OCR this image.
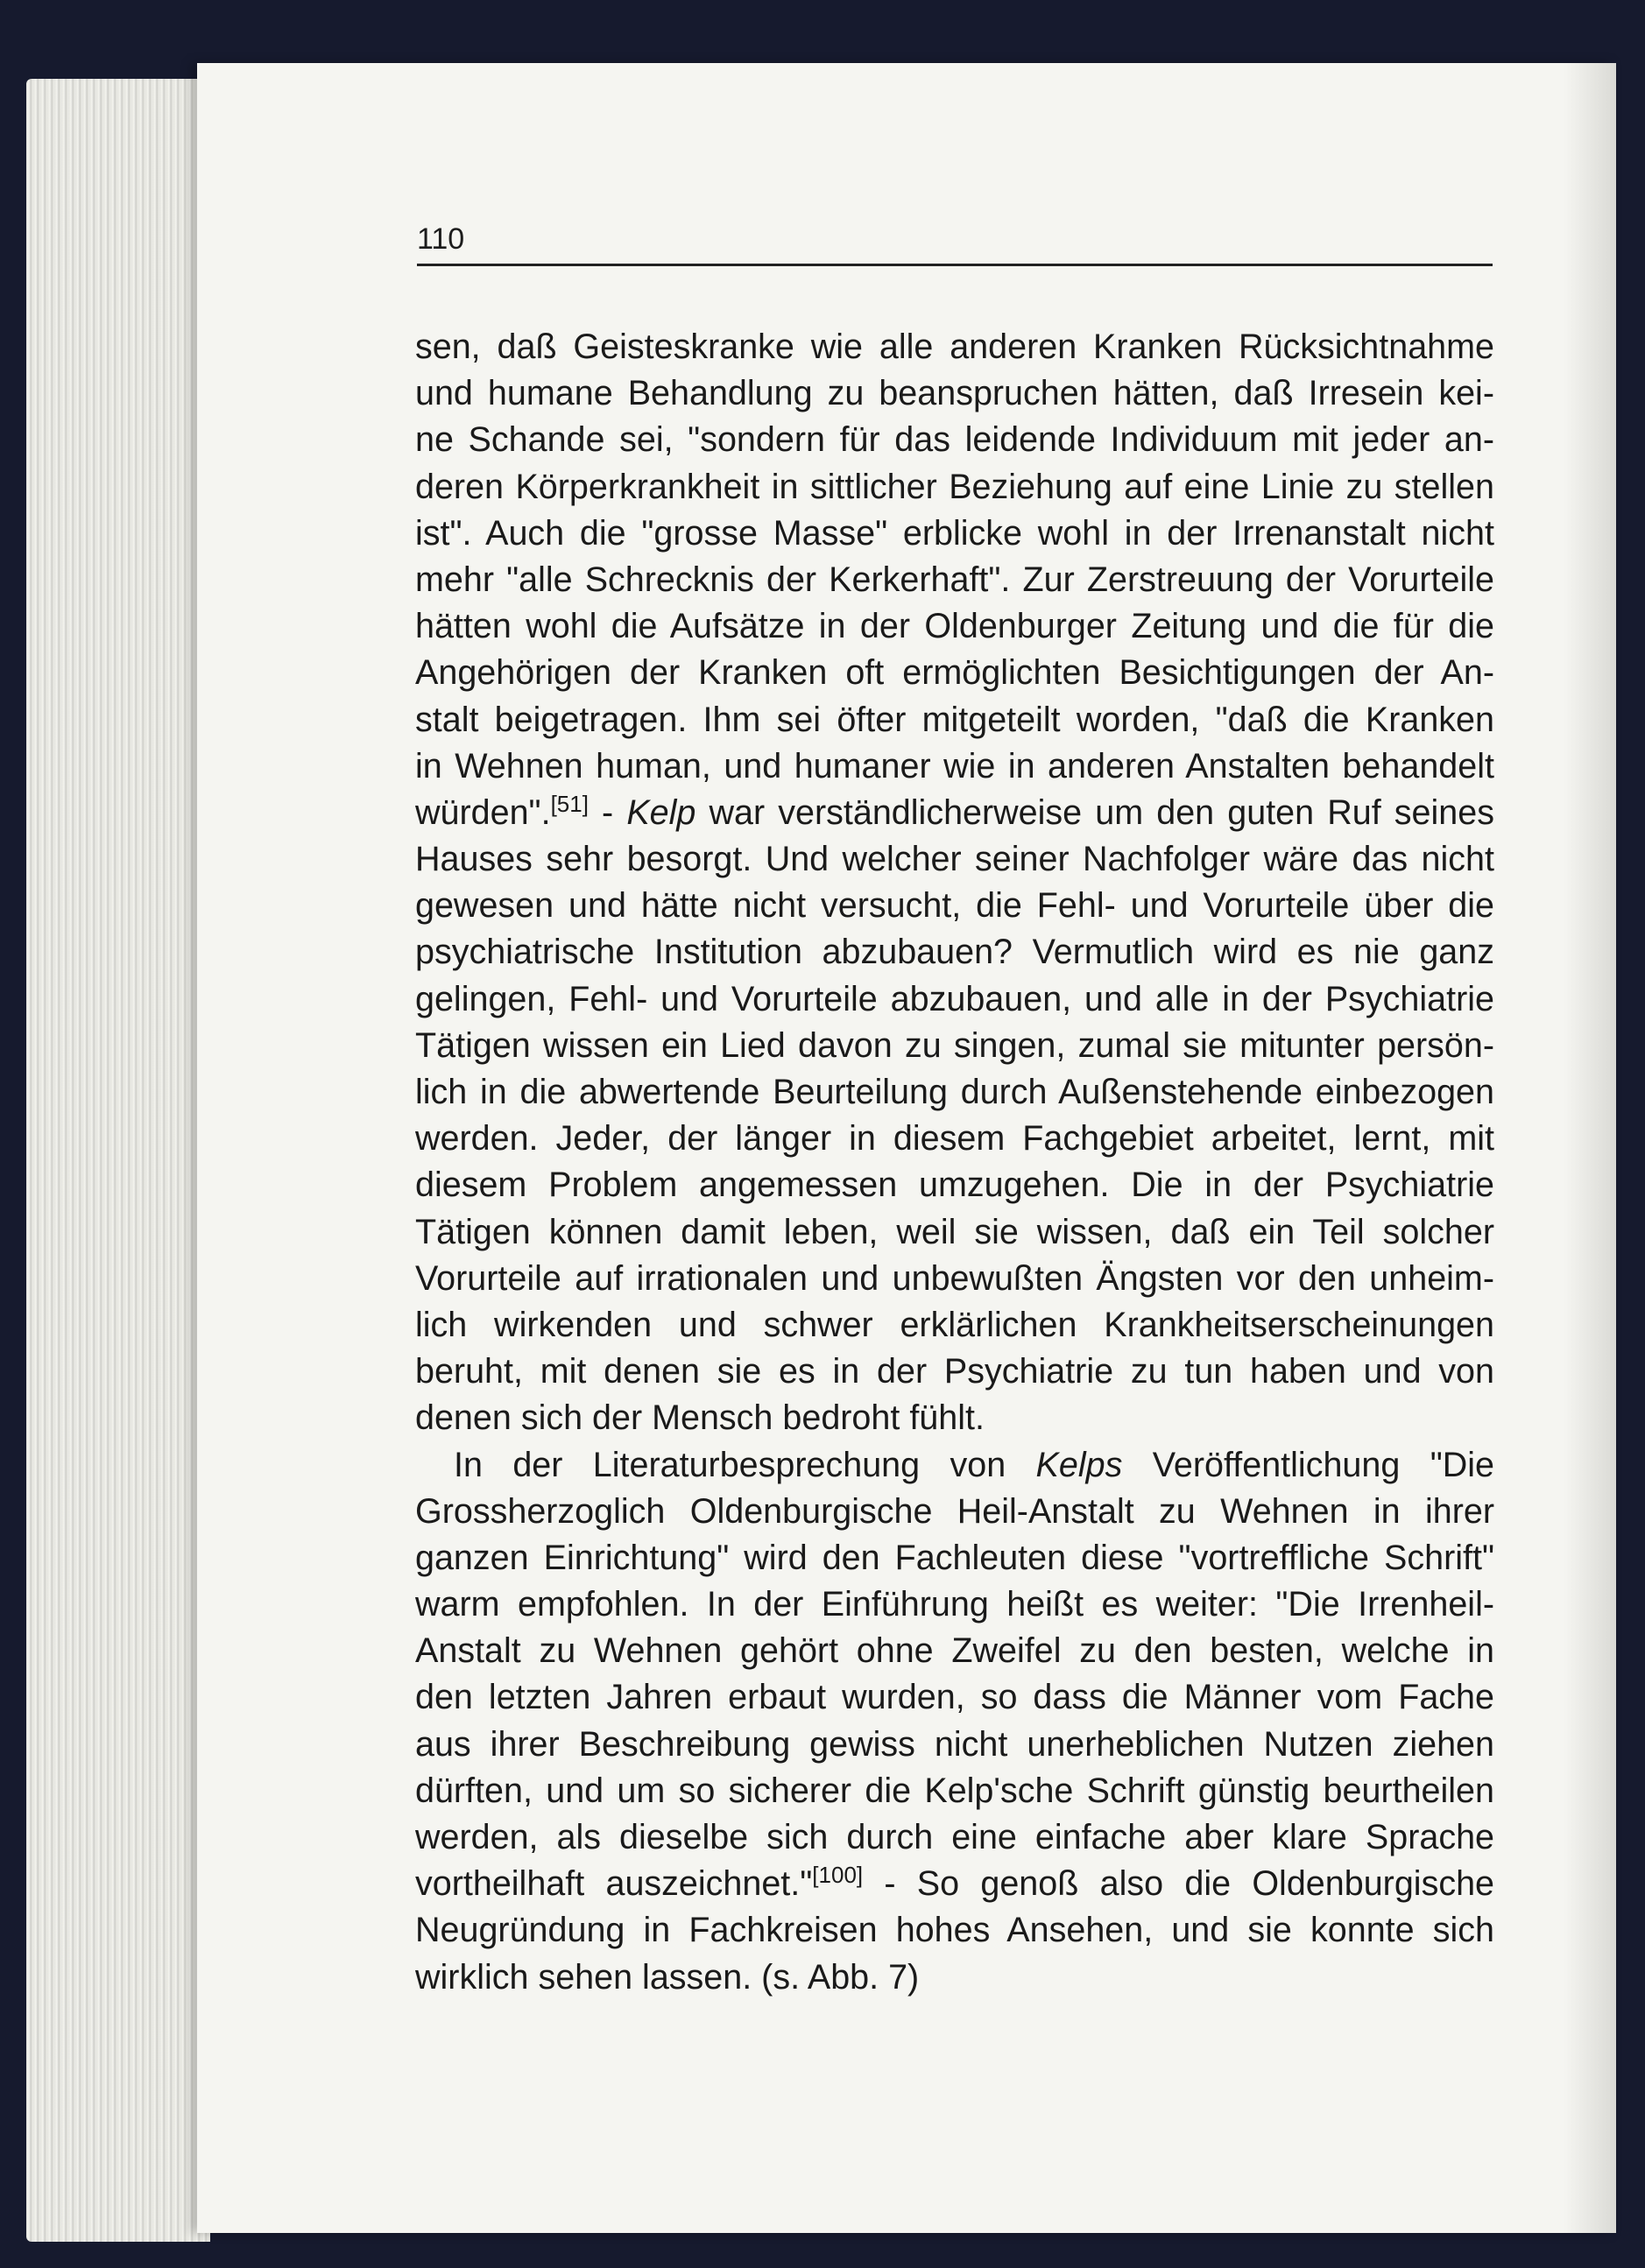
110
sen, daß Geisteskranke wie alle anderen Kranken Rücksichtnahme
und humane Behandlung zu beanspruchen hätten, daß Irresein kei-
ne Schande sei, "sondern für das leidende Individuum mit jeder an-
deren Körperkrankheit in sittlicher Beziehung auf eine Linie zu stellen
ist". Auch die "grosse Masse" erblicke wohl in der Irrenanstalt nicht
mehr "alle Schrecknis der Kerkerhaft". Zur Zerstreuung der Vorurteile
hätten wohl die Aufsätze in der Oldenburger Zeitung und die für die
Angehörigen der Kranken oft ermöglichten Besichtigungen der An-
stalt beigetragen. Ihm sei öfter mitgeteilt worden, "daß die Kranken
in Wehnen human, und humaner wie in anderen Anstalten behandelt
würden".[51] - Kelp war verständlicherweise um den guten Ruf seines
Hauses sehr besorgt. Und welcher seiner Nachfolger wäre das nicht
gewesen und hätte nicht versucht, die Fehl- und Vorurteile über die
psychiatrische Institution abzubauen? Vermutlich wird es nie ganz
gelingen, Fehl- und Vorurteile abzubauen, und alle in der Psychiatrie
Tätigen wissen ein Lied davon zu singen, zumal sie mitunter persön-
lich in die abwertende Beurteilung durch Außenstehende einbezogen
werden. Jeder, der länger in diesem Fachgebiet arbeitet, lernt, mit
diesem Problem angemessen umzugehen. Die in der Psychiatrie
Tätigen können damit leben, weil sie wissen, daß ein Teil solcher
Vorurteile auf irrationalen und unbewußten Ängsten vor den unheim-
lich wirkenden und schwer erklärlichen Krankheitserscheinungen
beruht, mit denen sie es in der Psychiatrie zu tun haben und von
denen sich der Mensch bedroht fühlt.
In der Literaturbesprechung von Kelps Veröffentlichung "Die
Grossherzoglich Oldenburgische Heil-Anstalt zu Wehnen in ihrer
ganzen Einrichtung" wird den Fachleuten diese "vortreffliche Schrift"
warm empfohlen. In der Einführung heißt es weiter: "Die Irrenheil-
Anstalt zu Wehnen gehört ohne Zweifel zu den besten, welche in
den letzten Jahren erbaut wurden, so dass die Männer vom Fache
aus ihrer Beschreibung gewiss nicht unerheblichen Nutzen ziehen
dürften, und um so sicherer die Kelp'sche Schrift günstig beurtheilen
werden, als dieselbe sich durch eine einfache aber klare Sprache
vortheilhaft auszeichnet."[100] - So genoß also die Oldenburgische
Neugründung in Fachkreisen hohes Ansehen, und sie konnte sich
wirklich sehen lassen. (s. Abb. 7)
